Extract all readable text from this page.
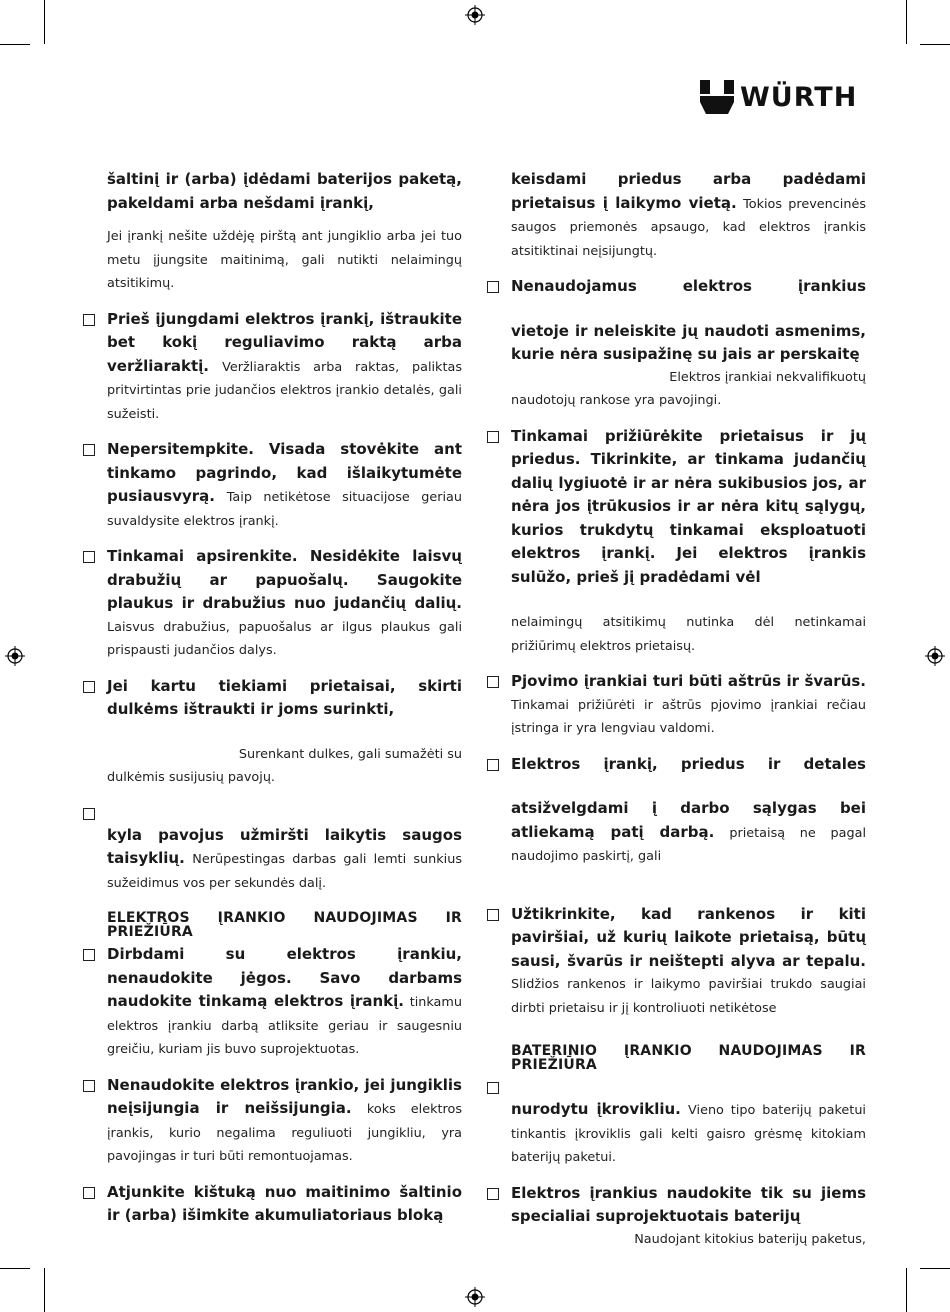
WÜRTH

šaltinį ir (arba) įdėdami baterijos paketą, pakeldami arba nešdami įrankį,

Jei įrankį nešite uždėję pirštą ant jungiklio arba jei tuo metu įjungsite maitinimą, gali nutikti nelaimingų atsitikimų.

Prieš įjungdami elektros įrankį, ištraukite bet kokį reguliavimo raktą arba veržliaraktį. Veržliaraktis arba raktas, paliktas pritvirtintas prie judančios elektros įrankio detalės, gali sužeisti.
Nepersitempkite. Visada stovėkite ant tinkamo pagrindo, kad išlaikytumėte pusiausvyrą. Taip netikėtose situacijose geriau suvaldysite elektros įrankį.
Tinkamai apsirenkite. Nesidėkite laisvų drabužių ar papuošalų. Saugokite plaukus ir drabužius nuo judančių dalių. Laisvus drabužius, papuošalus ar ilgus plaukus gali prispausti judančios dalys.
Jei kartu tiekiami prietaisai, skirti dulkėms ištraukti ir joms surinkti,
Surenkant dulkes, gali sumažėti su
dulkėmis susijusių pavojų.
kyla pavojus užmiršti laikytis saugos taisyklių. Nerūpestingas darbas gali lemti sunkius sužeidimus vos per sekundės dalį.
ELEKTROS ĮRANKIO NAUDOJIMAS IR PRIEŽIŪRA
Dirbdami su elektros įrankiu, nenaudokite jėgos. Savo darbams naudokite tinkamą elektros įrankį. tinkamu elektros įrankiu darbą atliksite geriau ir saugesniu greičiu, kuriam jis buvo suprojektuotas.
Nenaudokite elektros įrankio, jei jungiklis neįsijungia ir neišsijungia. koks elektros įrankis, kurio negalima reguliuoti jungikliu, yra pavojingas ir turi būti remontuojamas.
Atjunkite kištuką nuo maitinimo šaltinio ir (arba) išimkite akumuliatoriaus bloką

keisdami priedus arba padėdami prietaisus į laikymo vietą. Tokios prevencinės saugos priemonės apsaugo, kad elektros įrankis atsitiktinai neįsijungtų.

Nenaudojamus elektros įrankius
vietoje ir neleiskite jų naudoti asmenims, kurie nėra susipažinę su jais ar perskaitę
Elektros įrankiai nekvalifikuotų
naudotojų rankose yra pavojingi.
Tinkamai prižiūrėkite prietaisus ir jų priedus. Tikrinkite, ar tinkama judančių dalių lygiuotė ir ar nėra sukibusios jos, ar nėra jos įtrūkusios ir ar nėra kitų sąlygų, kurios trukdytų tinkamai eksploatuoti elektros įrankį. Jei elektros įrankis sulūžo, prieš jį pradėdami vėl
nelaimingų atsitikimų nutinka dėl netinkamai prižiūrimų elektros prietaisų.
Pjovimo įrankiai turi būti aštrūs ir švarūs. Tinkamai prižiūrėti ir aštrūs pjovimo įrankiai rečiau įstringa ir yra lengviau valdomi.
Elektros įrankį, priedus ir detales
atsižvelgdami į darbo sąlygas bei atliekamą patį darbą. prietaisą ne pagal naudojimo paskirtį, gali
Užtikrinkite, kad rankenos ir kiti paviršiai, už kurių laikote prietaisą, būtų sausi, švarūs ir neištepti alyva ar tepalu. Slidžios rankenos ir laikymo paviršiai trukdo saugiai dirbti prietaisu ir jį kontroliuoti netikėtose
BATERINIO ĮRANKIO NAUDOJIMAS IR PRIEŽIŪRA
nurodytu įkrovikliu. Vieno tipo baterijų paketui tinkantis įkroviklis gali kelti gaisro grėsmę kitokiam baterijų paketui.
Elektros įrankius naudokite tik su jiems specialiai suprojektuotais baterijų
Naudojant kitokius baterijų paketus,
